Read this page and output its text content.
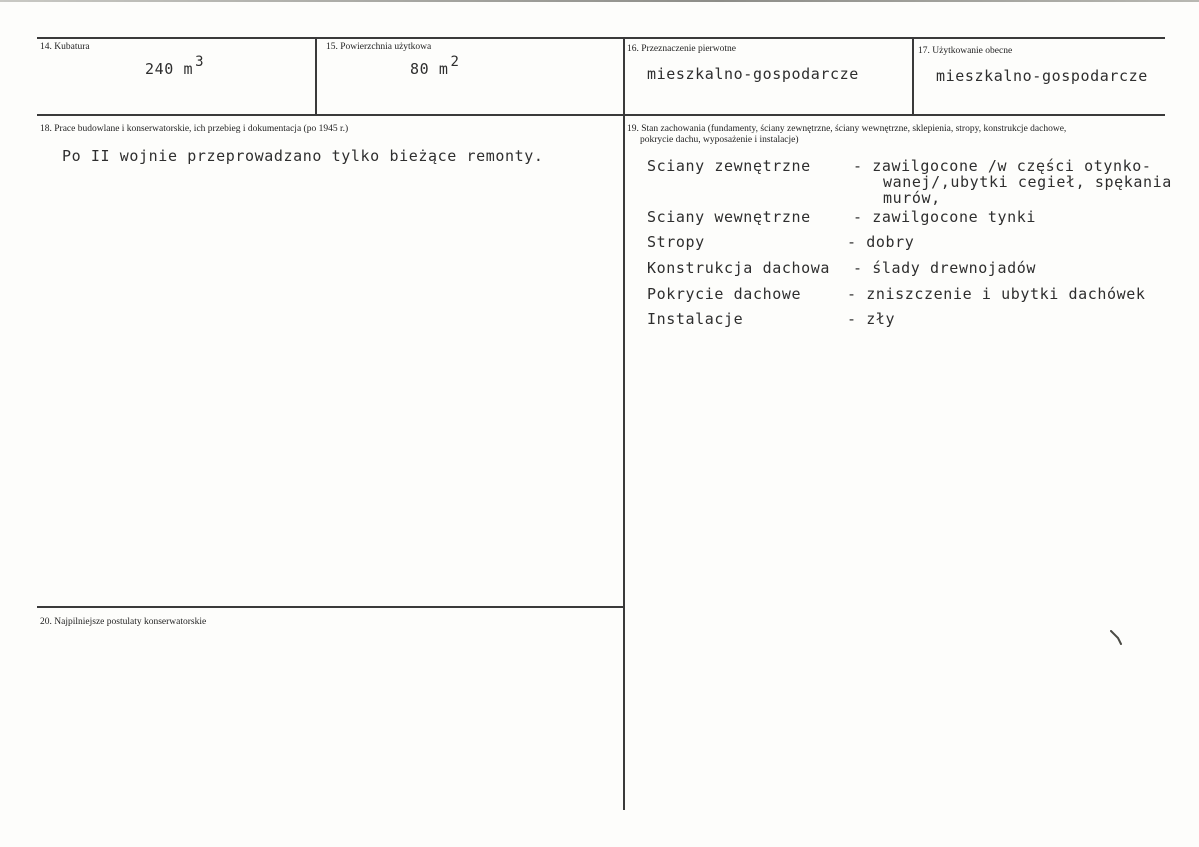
14. Kubatura
240 m 3
15. Powierzchnia użytkowa
80 m 2
16. Przeznaczenie pierwotne
mieszkalno-gospodarcze
17. Użytkowanie obecne
mieszkalno-gospodarcze
18. Prace budowlane i konserwatorskie, ich przebieg i dokumentacja (po 1945 r.)
Po II wojnie przeprowadzano tylko bieżące remonty.
19. Stan zachowania (fundamenty, ściany zewnętrzne, ściany wewnętrzne, sklepienia, stropy, konstrukcje dachowe,
pokrycie dachu, wyposażenie i instalacje)
Sciany zewnętrzne	- zawilgocone /w części otynko-
wanej/,ubytki cegieł, spękania
murów,
Sciany wewnętrzne	- zawilgocone tynki
Stropy	- dobry
Konstrukcja dachowa - ślady drewnojadów
Pokrycie dachowe	- zniszczenie i ubytki dachówek
Instalacje	- zły
20. Najpilniejsze postulaty konserwatorskie
